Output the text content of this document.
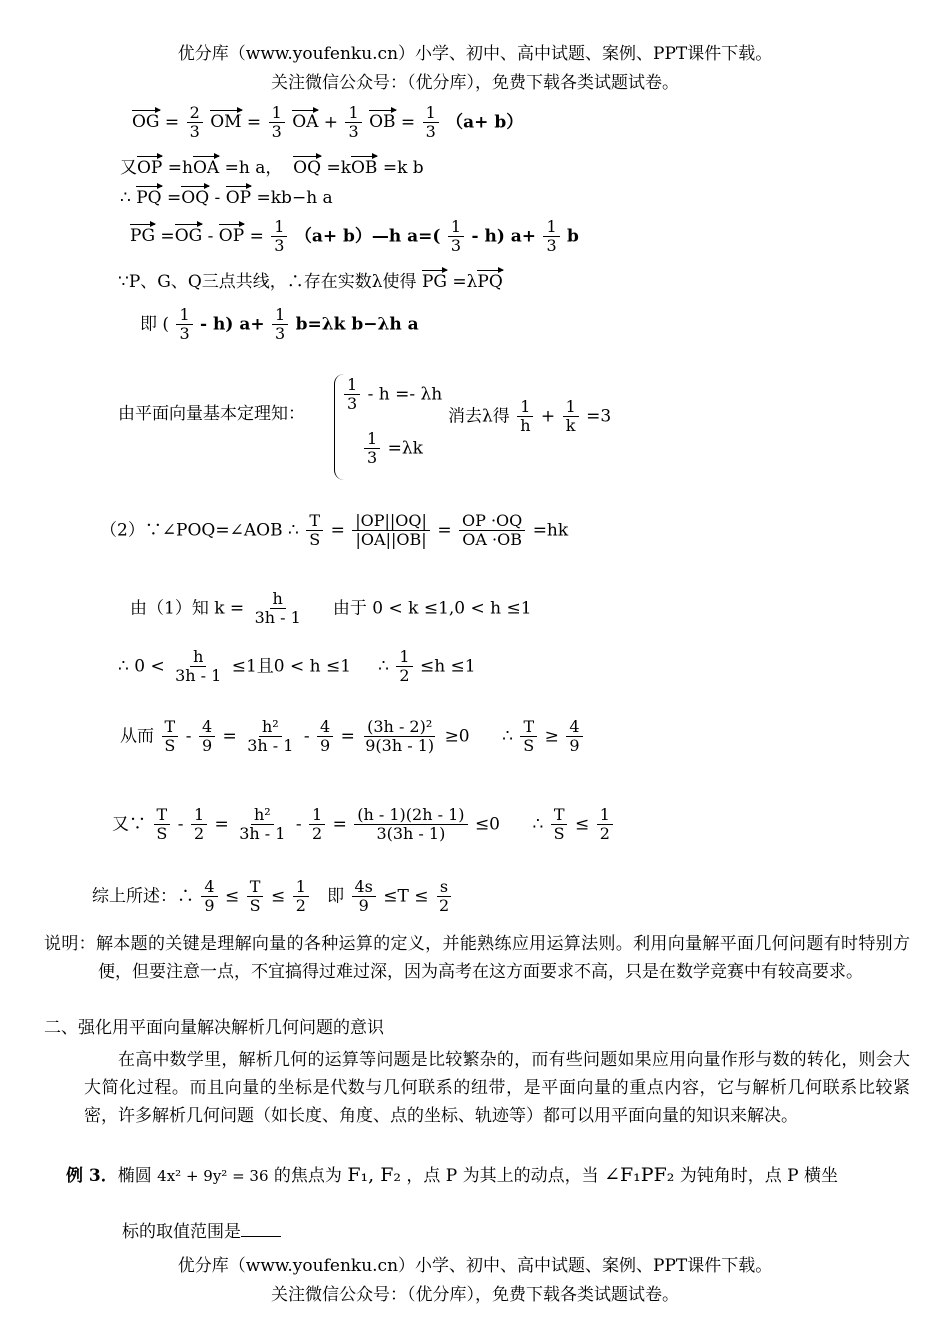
优分库（www.youfenku.cn）小学、初中、高中试题、案例、PPT课件下载。
关注微信公众号：（优分库），免费下载各类试题试卷。
OG = $\frac{2}{3}$ OM = $\frac{1}{3}$ OA + $\frac{1}{3}$ OB = $\frac{1}{3} (a+ b)$
又OP =hOA =h a， OQ =kOB =k b
∴ PQ =OQ - OP =kb−h a
PG =OG - OP = $\frac{1}{3} (a+$ b）—h $a=( \frac{1}{3} - h)$ $a+ \frac{1}{3}$ b
∵P、G、Q三点共线，∴存在实数λ使得 PG =λPQ
即 ( $\frac{1}{3} - h$) $a+ \frac{1}{3} b=\lambda k$ b−λh a
由平面向量基本定理知：
$\frac{1}{3} - h =- \lambda h$
$\frac{1}{3} =\lambda k$
消去λ得 $\frac{1}{h} + \frac{1}{k} =3$
（2）∵∠POQ=∠AOB ∴ $\frac{T}{S} = \frac{|OP||OQ|}{|OA||OB|} = \frac{OP \cdot OQ}{OA \cdot OB} =hk$
由（1）知 $k = \frac{h}{3h - 1}$ 由于 0 < k ≤1,0 < h ≤1
∴ $0 < \frac{h}{3h - 1} \le 1$且0 < h ≤1 ∴ $\frac{1}{2} \le h \le 1$
从而 $\frac{T}{S} - \frac{4}{9} = \frac{\text{h²}}{3h - 1} - \frac{4}{9} = \frac{\text{(3h - 2)²}}{9(3h - 1)} \ge 0$ ∴ $\frac{T}{S} \ge \frac{4}{9}$
又∵ $\frac{T}{S} - \frac{1}{2} = \frac{\text{h²}}{3h - 1} - \frac{1}{2} = \frac{(h - 1)(2h - 1)}{3(3h - 1)} \le 0$ ∴ $\frac{T}{S} \le \frac{1}{2}$
综上所述：∴ $\frac{4}{9} \le \frac{T}{S} \le \frac{1}{2}$ 即 $\frac{4s}{9} \le T \le \frac{s}{2}$
说明：解本题的关键是理解向量的各种运算的定义，并能熟练应用运算法则。利用向量解平面几何问题有时特别方便，但要注意一点，不宜搞得过难过深，因为高考在这方面要求不高，只是在数学竞赛中有较高要求。
二、强化用平面向量解决解析几何问题的意识
在高中数学里，解析几何的运算等问题是比较繁杂的，而有些问题如果应用向量作形与数的转化，则会大大简化过程。而且向量的坐标是代数与几何联系的纽带，是平面向量的重点内容，它与解析几何联系比较紧密，许多解析几何问题（如长度、角度、点的坐标、轨迹等）都可以用平面向量的知识来解决。
例 3．椭圆 4x² + 9y² = 36 的焦点为 F₁, F₂ ，点 P 为其上的动点，当 ∠F₁PF₂ 为钝角时，点 P 横坐
标的取值范围是
优分库（www.youfenku.cn）小学、初中、高中试题、案例、PPT课件下载。
关注微信公众号：（优分库），免费下载各类试题试卷。
